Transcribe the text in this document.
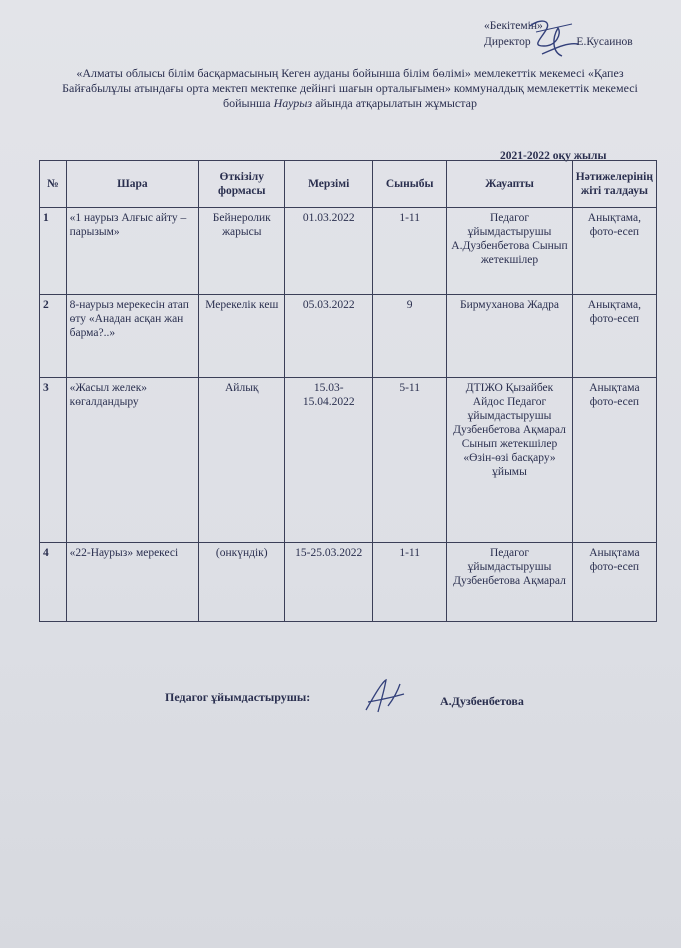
«Бекітемін»
Директор	Е.Кусаинов
«Алматы облысы білім басқармасының Кеген ауданы бойынша білім бөлімі» мемлекеттік мекемесі «Қапез Байғабылұлы атындағы орта мектеп мектепке дейінгі шағын орталығымен» коммуналдық мемлекеттік мекемесі бойынша Наурыз айында атқарылатын жұмыстар
2021-2022 оқу жылы
№	Шара	Өткізілу формасы	Мерзімі	Сыныбы	Жауапты	Нәтижелерінің жіті талдауы
1	«1 наурыз Алғыс айту – парызым»	Бейнеролик жарысы	01.03.2022	1-11	Педагог ұйымдастырушы А.Дузбенбетова Сынып жетекшілер	Анықтама, фото-есеп
2	8-наурыз мерекесін атап өту «Анадан асқан жан барма?..»	Мерекелік кеш	05.03.2022	9	Бирмуханова Жадра	Анықтама, фото-есеп
3	«Жасыл желек» көгалдандыру	Айлық	15.03-15.04.2022	5-11	ДТІЖО Қызайбек Айдос Педагог ұйымдастырушы Дузбенбетова Ақмарал Сынып жетекшілер «Өзін-өзі басқару» ұйымы	Анықтама фото-есеп
4	«22-Наурыз» мерекесі	(онкүндік)	15-25.03.2022	1-11	Педагог ұйымдастырушы Дузбенбетова Ақмарал	Анықтама фото-есеп
Педагог ұйымдастырушы:	А.Дузбенбетова
